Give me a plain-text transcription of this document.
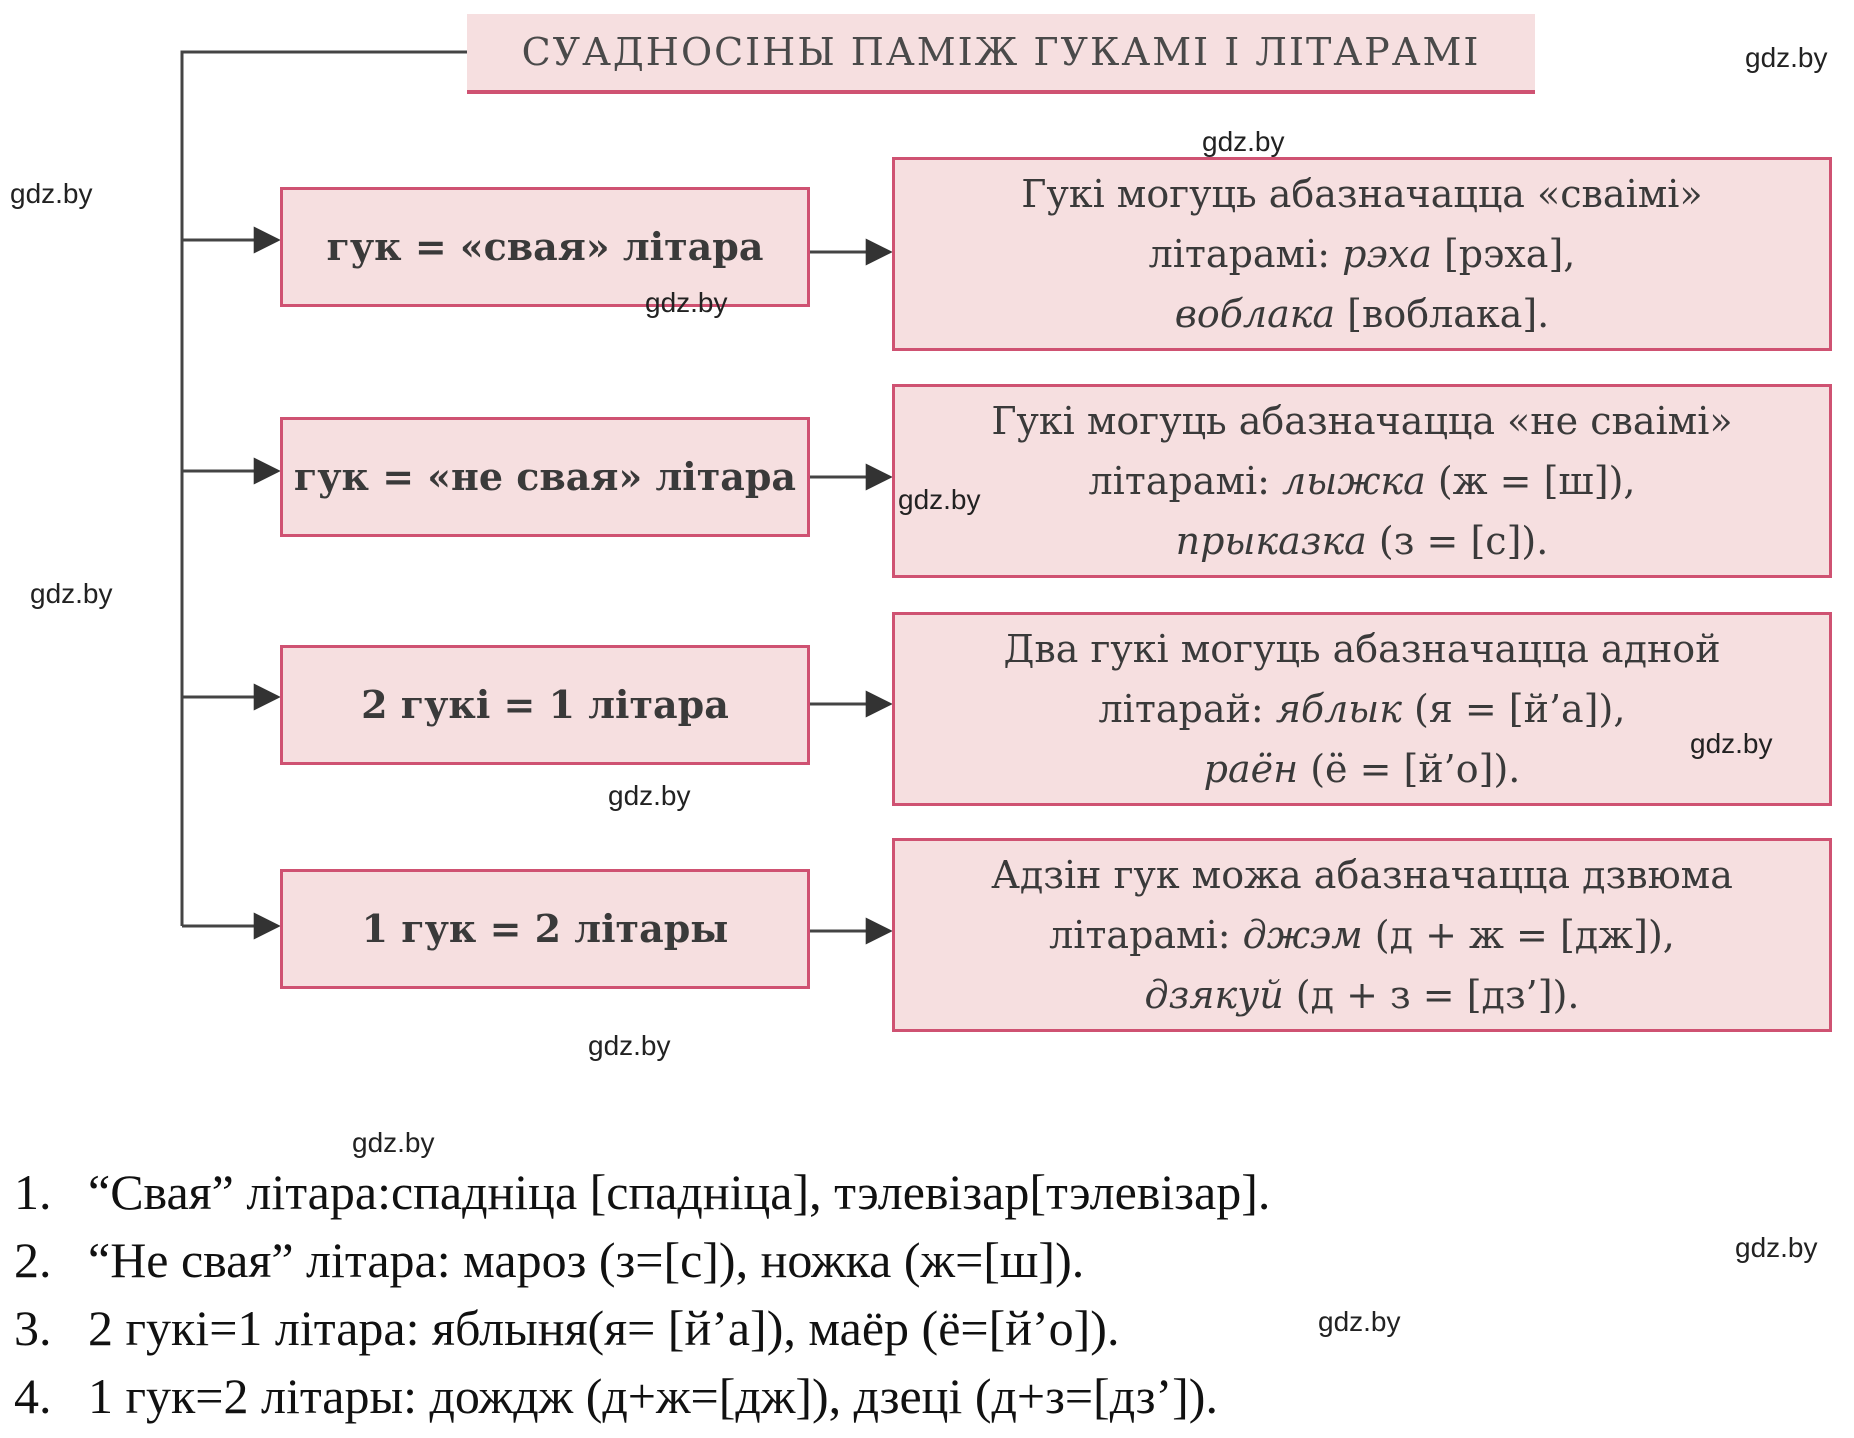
СУАДНОСІНЫ ПАМІЖ ГУКАМІ І ЛІТАРАМІ
гук = «свая» літара
Гукі могуць абазначацца «сваімі»
літарамі: рэха [рэха],
воблака [воблака].
гук = «не свая» літара
Гукі могуць абазначацца «не сваімі»
літарамі: лыжка (ж = [ш]),
прыказка (з = [с]).
2 гукі = 1 літара
Два гукі могуць абазначацца адной
літарай: яблык (я = [й’а]),
раён (ё = [й’о]).
1 гук = 2 літары
Адзін гук можа абазначацца дзвюма
літарамі: джэм (д + ж = [дж]),
дзякуй (д + з = [дз’]).
gdz.by
gdz.by
gdz.by
gdz.by
gdz.by
gdz.by
gdz.by
gdz.by
gdz.by
gdz.by
gdz.by
gdz.by
1. “Свая” літара:спадніца [спадніца], тэлевізар[тэлевізар].
2. “Не свая” літара: мароз (з=[с]), ножка (ж=[ш]).
3. 2 гукі=1 літара: яблыня(я= [й’а]), маёр (ё=[й’о]).
4. 1 гук=2 літары: дождж (д+ж=[дж]), дзеці (д+з=[дз’]).
